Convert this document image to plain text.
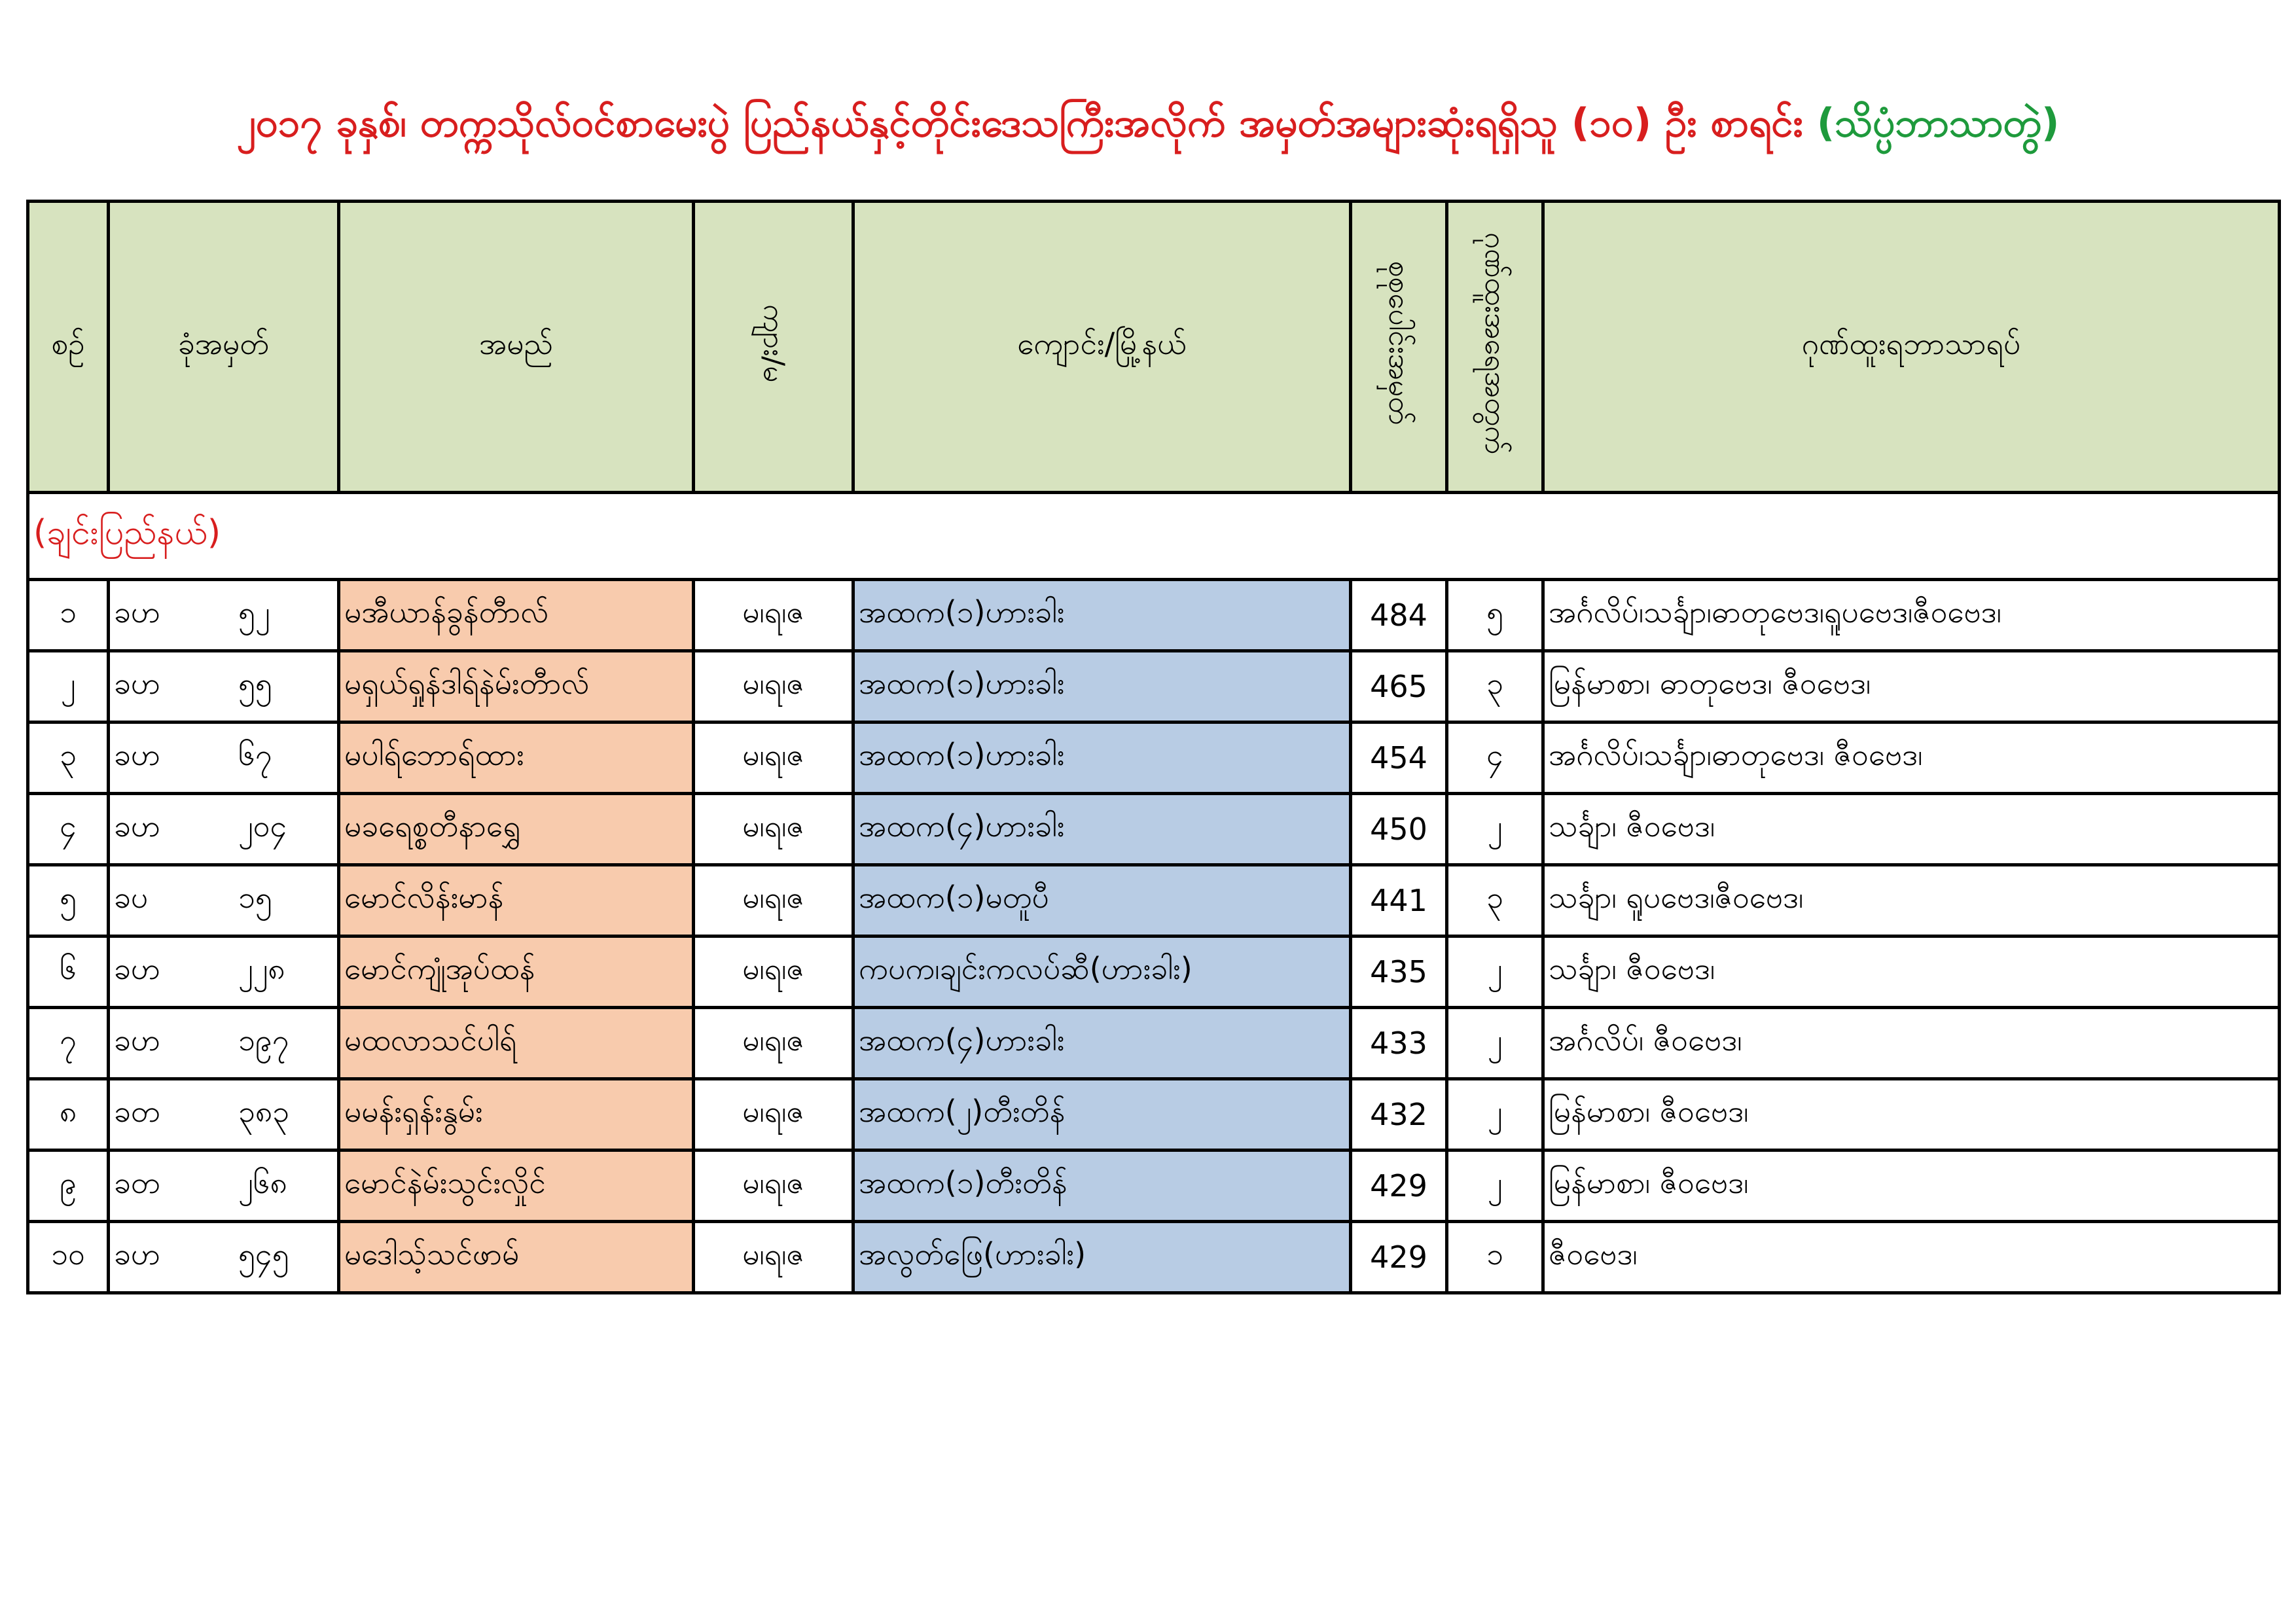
၂၀၁၇ ခုနှစ်၊ တက္ကသိုလ်ဝင်စာမေးပွဲ ပြည်နယ်နှင့်တိုင်းဒေသကြီးအလိုက် အမှတ်အများဆုံးရရှိသူ (၁၀) ဦး စာရင်း (သိပ္ပံဘာသာတွဲ)
စဉ်	ခုံအမှတ်	အမည်	ကျား/မ	ကျောင်း/မြို့နယ်	စုစုပေါင်းအမှတ်	ဂုဏ်ထူးအရေအတွက်	ဂုဏ်ထူးရဘာသာရပ်
(ချင်းပြည်နယ်)							
၁	ခဟ ၅၂	မအီယာန်ခွန်တီာလ်	မ၊ရ၊ဇ	အထက(၁)ဟားခါး	484	၅	အင်္ဂလိပ်၊သင်္ချာ၊ဓာတုဗေဒ၊ရူပဗေဒ၊ဇီဝဗေဒ၊
၂	ခဟ ၅၅	မရှယ်ရှုန်ဒါရ်နဲမ်းတီာလ်	မ၊ရ၊ဇ	အထက(၁)ဟားခါး	465	၃	မြန်မာစာ၊ ဓာတုဗေဒ၊ ဇီဝဗေဒ၊
၃	ခဟ ၆၇	မပါရ်ဘောရ်ထား	မ၊ရ၊ဇ	အထက(၁)ဟားခါး	454	၄	အင်္ဂလိပ်၊သင်္ချာ၊ဓာတုဗေဒ၊ ဇီဝဗေဒ၊
၄	ခဟ ၂၀၄	မခရေစ္စတီနာရွှေ	မ၊ရ၊ဇ	အထက(၄)ဟားခါး	450	၂	သင်္ချာ၊ ဇီဝဗေဒ၊
၅	ခပ ၁၅	မောင်လိန်းမာန်	မ၊ရ၊ဇ	အထက(၁)မတူပီ	441	၃	သင်္ချာ၊ ရူပဗေဒ၊ဇီဝဗေဒ၊
၆	ခဟ ၂၂၈	မောင်ကျုံအုပ်ထန်	မ၊ရ၊ဇ	ကပက၊ချင်းကလပ်ဆီ(ဟားခါး)	435	၂	သင်္ချာ၊ ဇီဝဗေဒ၊
၇	ခဟ ၁၉၇	မထလာသင်ပါရ်	မ၊ရ၊ဇ	အထက(၄)ဟားခါး	433	၂	အင်္ဂလိပ်၊ ဇီဝဗေဒ၊
၈	ခတ ၃၈၃	မမန်းရှန်းနွမ်း	မ၊ရ၊ဇ	အထက(၂)တီးတိန်	432	၂	မြန်မာစာ၊ ဇီဝဗေဒ၊
၉	ခတ ၂၆၈	မောင်နဲမ်းသွင်းလှိုင်	မ၊ရ၊ဇ	အထက(၁)တီးတိန်	429	၂	မြန်မာစာ၊ ဇီဝဗေဒ၊
၁၀	ခဟ ၅၄၅	မဒေါသ့်သင်ဖာမ်	မ၊ရ၊ဇ	အလွတ်ဖြေ(ဟားခါး)	429	၁	ဇီဝဗေဒ၊
